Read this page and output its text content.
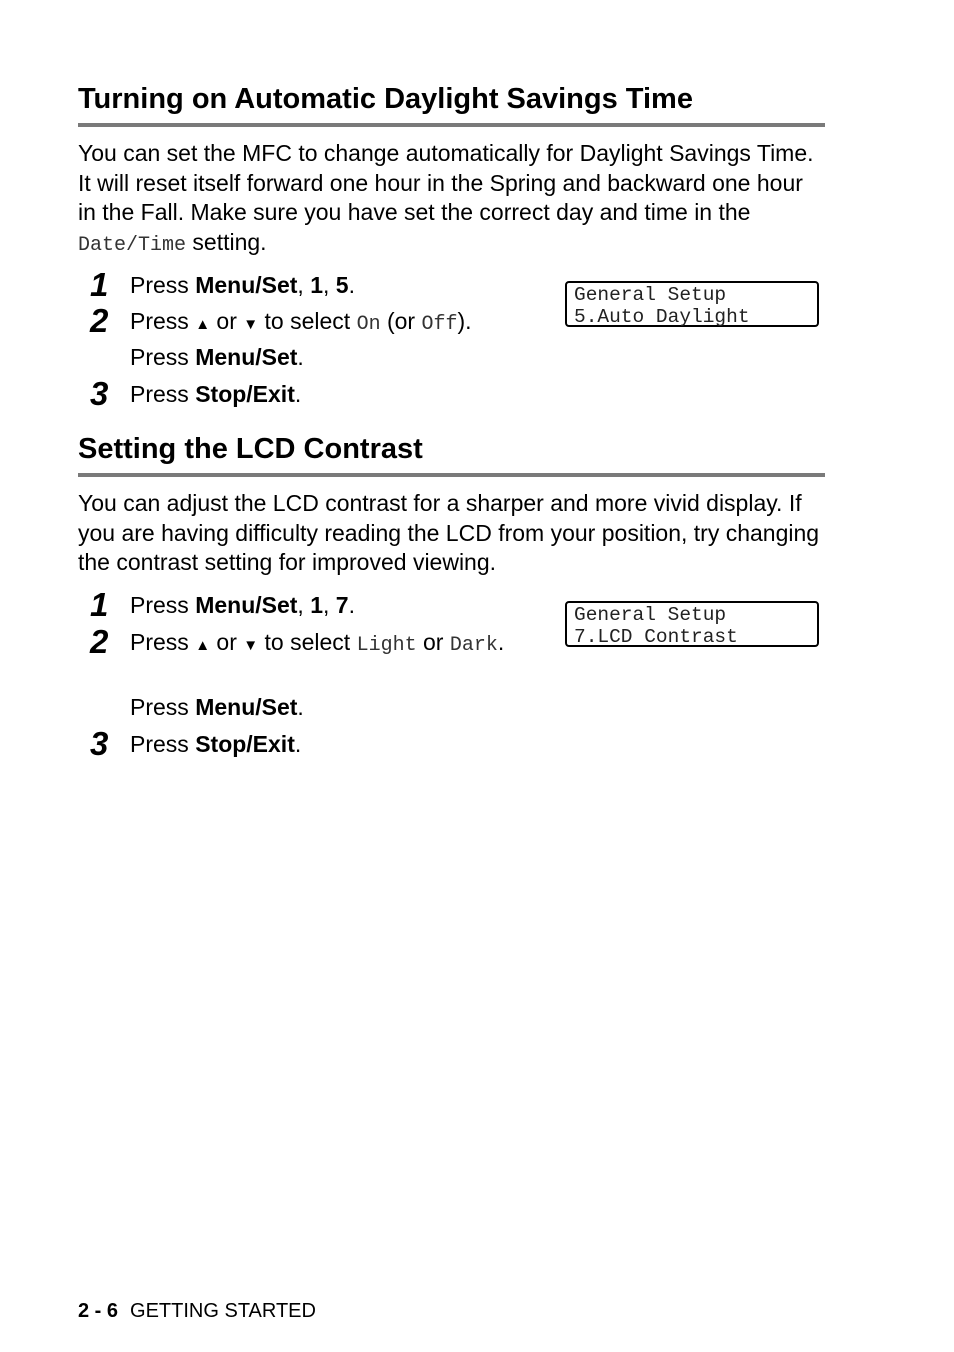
Turning on Automatic Daylight Savings Time

You can set the MFC to change automatically for Daylight Savings Time. It will reset itself forward one hour in the Spring and backward one hour in the Fall. Make sure you have set the correct day and time in the Date/Time setting.

1 Press Menu/Set, 1, 5.
2 Press ▲ or ▼ to select On (or Off).
Press Menu/Set.
3 Press Stop/Exit.
General Setup
5.Auto Daylight
Setting the LCD Contrast

You can adjust the LCD contrast for a sharper and more vivid display. If you are having difficulty reading the LCD from your position, try changing the contrast setting for improved viewing.

1 Press Menu/Set, 1, 7.
2 Press ▲ or ▼ to select Light or Dark.
Press Menu/Set.
3 Press Stop/Exit.
General Setup
7.LCD Contrast
2 - 6 GETTING STARTED
